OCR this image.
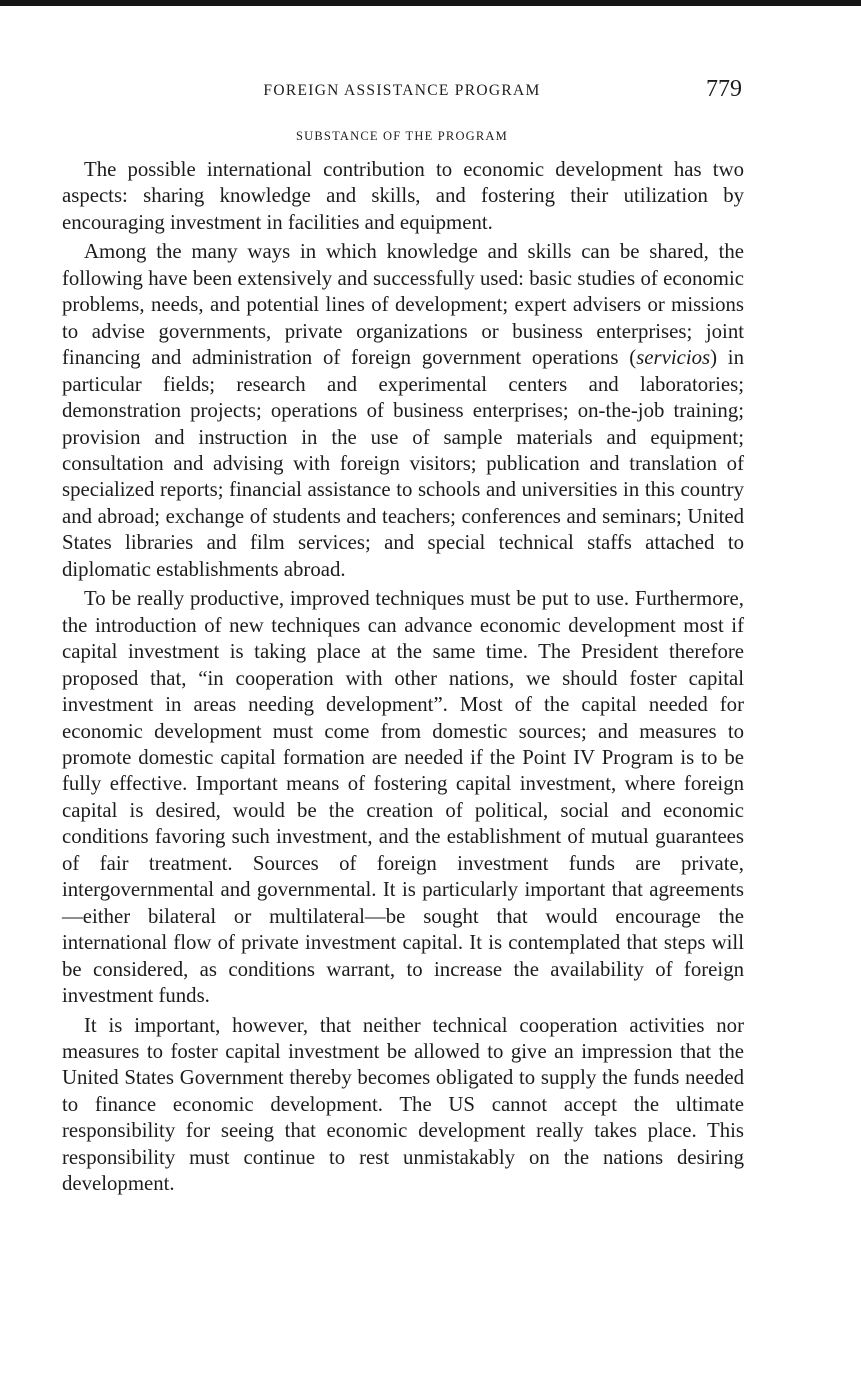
FOREIGN ASSISTANCE PROGRAM	779
SUBSTANCE OF THE PROGRAM

The possible international contribution to economic development has two aspects: sharing knowledge and skills, and fostering their utilization by encouraging investment in facilities and equipment.

Among the many ways in which knowledge and skills can be shared, the following have been extensively and successfully used: basic studies of economic problems, needs, and potential lines of development; expert advisers or missions to advise governments, private organizations or business enterprises; joint financing and administration of foreign government operations (servicios) in particular fields; research and experimental centers and laboratories; demonstration projects; operations of business enterprises; on-the-job training; provision and instruction in the use of sample materials and equipment; consultation and advising with foreign visitors; publication and translation of specialized reports; financial assistance to schools and universities in this country and abroad; exchange of students and teachers; conferences and seminars; United States libraries and film services; and special technical staffs attached to diplomatic establishments abroad.

To be really productive, improved techniques must be put to use. Furthermore, the introduction of new techniques can advance economic development most if capital investment is taking place at the same time. The President therefore proposed that, “in cooperation with other nations, we should foster capital investment in areas needing development”. Most of the capital needed for economic development must come from domestic sources; and measures to promote domestic capital formation are needed if the Point IV Program is to be fully effective. Important means of fostering capital investment, where foreign capital is desired, would be the creation of political, social and economic conditions favoring such investment, and the establishment of mutual guarantees of fair treatment. Sources of foreign investment funds are private, intergovernmental and governmental. It is particularly important that agreements—either bilateral or multilateral—be sought that would encourage the international flow of private investment capital. It is contemplated that steps will be considered, as conditions warrant, to increase the availability of foreign investment funds.

It is important, however, that neither technical cooperation activities nor measures to foster capital investment be allowed to give an impression that the United States Government thereby becomes obligated to supply the funds needed to finance economic development. The US cannot accept the ultimate responsibility for seeing that economic development really takes place. This responsibility must continue to rest unmistakably on the nations desiring development.
